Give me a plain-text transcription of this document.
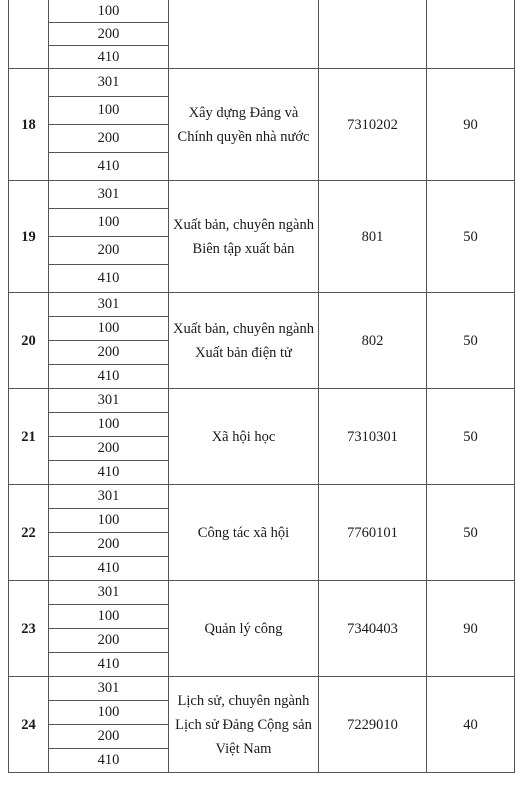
	100			
	200			
	410			
18	301	Xây dựng Đảng và Chính quyền nhà nước	7310202	90
	100			
	200			
	410			
19	301	Xuất bản, chuyên ngành Biên tập xuất bản	801	50
	100			
	200			
	410			
20	301	Xuất bản, chuyên ngành Xuất bản điện tử	802	50
	100			
	200			
	410			
21	301	Xã hội học	7310301	50
	100			
	200			
	410			
22	301	Công tác xã hội	7760101	50
	100			
	200			
	410			
23	301	Quản lý công	7340403	90
	100			
	200			
	410			
24	301	Lịch sử, chuyên ngành Lịch sử Đảng Cộng sản Việt Nam	7229010	40
	100			
	200			
	410			
